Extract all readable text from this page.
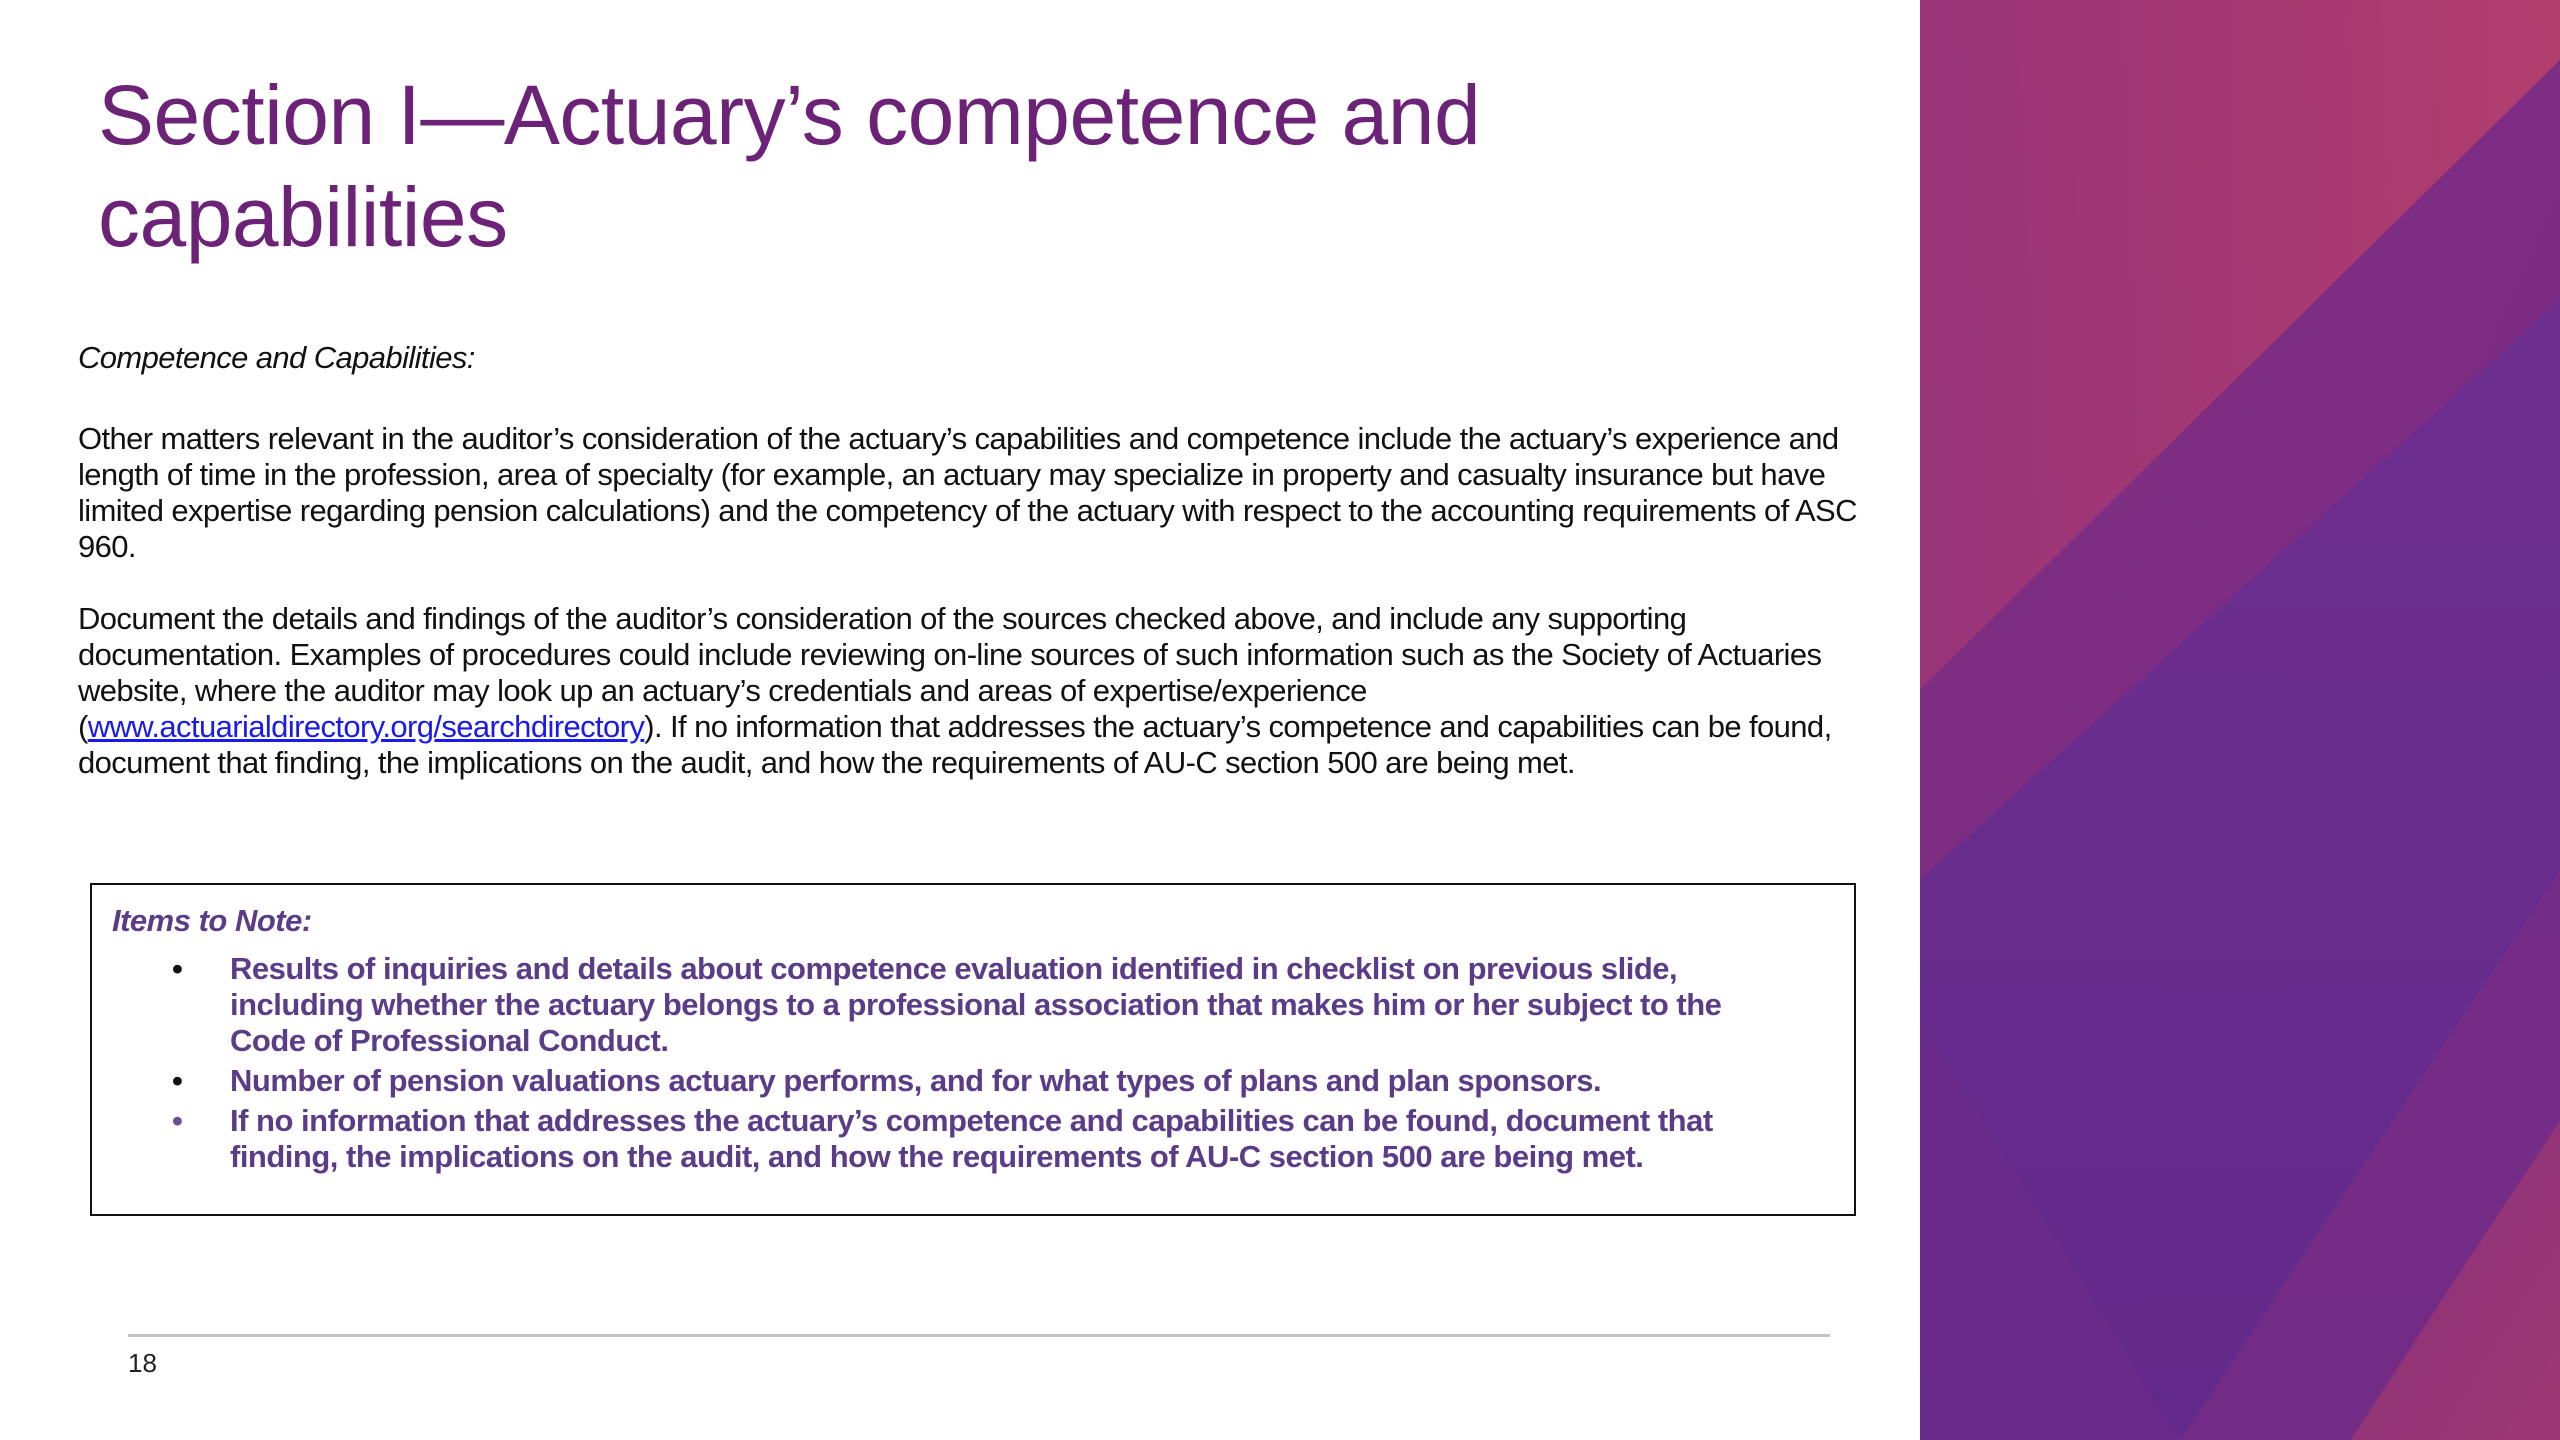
Section I—Actuary’s competence and capabilities

Competence and Capabilities:

Other matters relevant in the auditor’s consideration of the actuary’s capabilities and competence include the actuary’s experience and length of time in the profession, area of specialty (for example, an actuary may specialize in property and casualty insurance but have limited expertise regarding pension calculations) and the competency of the actuary with respect to the accounting requirements of ASC 960.

Document the details and findings of the auditor’s consideration of the sources checked above, and include any supporting documentation. Examples of procedures could include reviewing on-line sources of such information such as the Society of Actuaries website, where the auditor may look up an actuary’s credentials and areas of expertise/experience (www.actuarialdirectory.org/searchdirectory). If no information that addresses the actuary’s competence and capabilities can be found, document that finding, the implications on the audit, and how the requirements of AU-C section 500 are being met.

Items to Note:

• Results of inquiries and details about competence evaluation identified in checklist on previous slide, including whether the actuary belongs to a professional association that makes him or her subject to the Code of Professional Conduct.
• Number of pension valuations actuary performs, and for what types of plans and plan sponsors.
• If no information that addresses the actuary’s competence and capabilities can be found, document that finding, the implications on the audit, and how the requirements of AU-C section 500 are being met.
18
